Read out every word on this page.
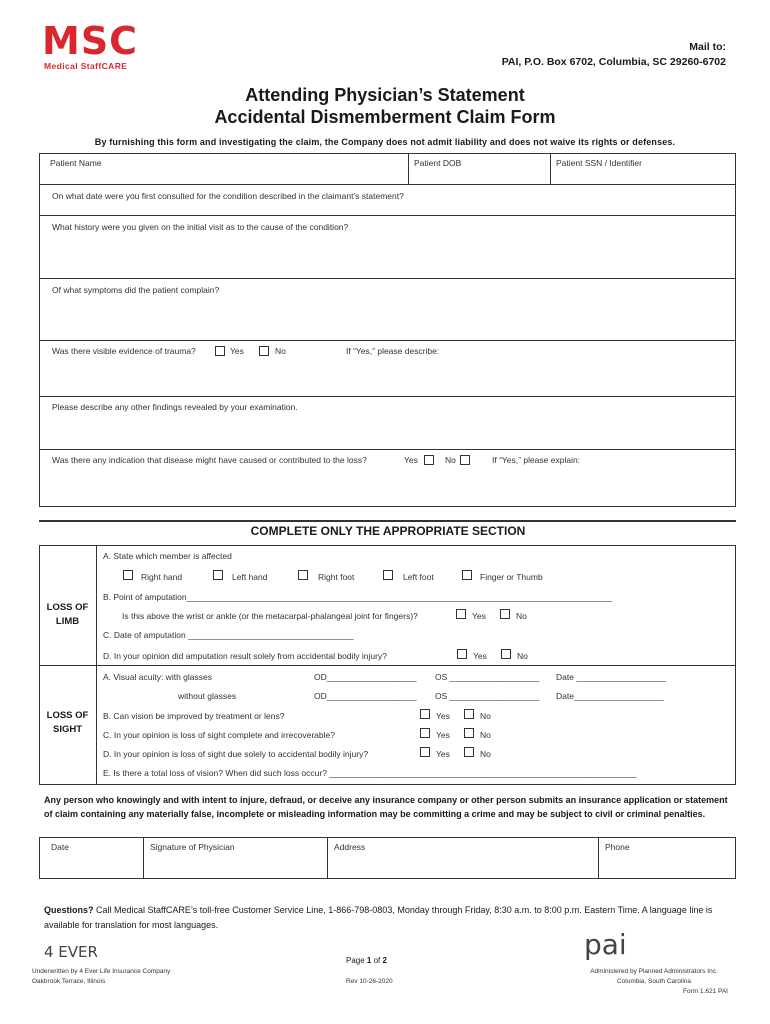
MSC
Medical StaffCARE
Mail to:
PAI, P.O. Box 6702, Columbia, SC 29260-6702
Attending Physician’s Statement
Accidental Dismemberment Claim Form
By furnishing this form and investigating the claim, the Company does not admit liability and does not waive its rights or defenses.
Patient Name	Patient DOB	Patient SSN / Identifier
On what date were you first consulted for the condition described in the claimant’s statement?
What history were you given on the initial visit as to the cause of the condition?
Of what symptoms did the patient complain?
Was there visible evidence of trauma?	Yes	No	If “Yes,” please describe:
Please describe any other findings revealed by your examination.
Was there any indication that disease might have caused or contributed to the loss?	Yes	No	If “Yes,” please explain:
COMPLETE ONLY THE APPROPRIATE SECTION
LOSS OF
LIMB
A. State which member is affected
Right hand	Left hand	Right foot	Left foot	Finger or Thumb
B. Point of amputation__________________________________________________________________________________________
Is this above the wrist or ankle (or the metacarpal-phalangeal joint for fingers)?	Yes	No
C. Date of amputation ___________________________________
D. In your opinion did amputation result solely from accidental bodily injury?	Yes	No
LOSS OF
SIGHT
A. Visual acuity: with glasses	OD___________________ OS ___________________ Date ___________________
without glasses	OD___________________ OS ___________________ Date___________________
B. Can vision be improved by treatment or lens?	Yes	No
C. In your opinion is loss of sight complete and irrecoverable?	Yes	No
D. In your opinion is loss of sight due solely to accidental bodily injury?	Yes	No
E. Is there a total loss of vision? When did such loss occur? _________________________________________________________________
Any person who knowingly and with intent to injure, defraud, or deceive any insurance company or other person submits an insurance application or statement of claim containing any materially false, incomplete or misleading information may be committing a crime and may be subject to civil or criminal penalties.
Date	Signature of Physician	Address	Phone
Questions? Call Medical StaffCARE’s toll-free Customer Service Line, 1-866-798-0803, Monday through Friday, 8:30 a.m. to 8:00 p.m. Eastern Time. A language line is available for translation for most languages.
4 EVER
Underwritten by 4 Ever Life Insurance Company
Oakbrook Terrace, Illinois
Page 1 of 2
Rev 10-26-2020
pai
Administered by Planned Administrators Inc.
Columbia, South Carolina
Form 1.621 PAI
